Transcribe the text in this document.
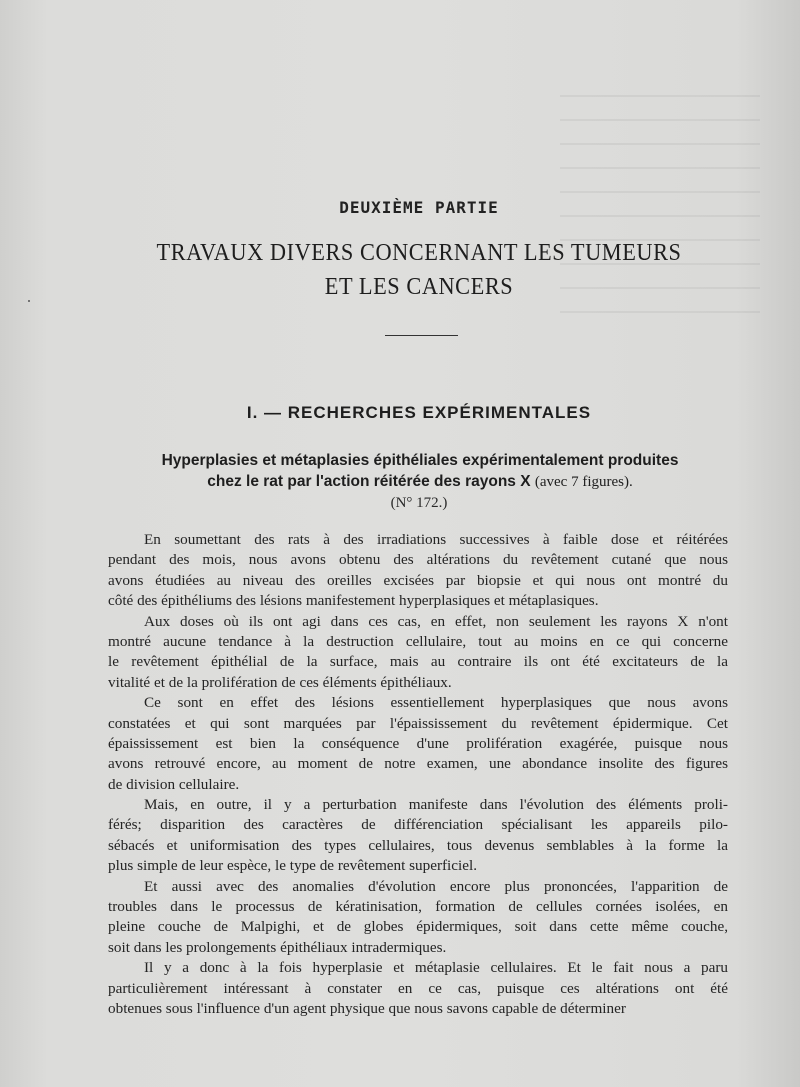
DEUXIÈME PARTIE
TRAVAUX DIVERS CONCERNANT LES TUMEURS
ET LES CANCERS
I. — RECHERCHES EXPÉRIMENTALES
Hyperplasies et métaplasies épithéliales expérimentalement produites
chez le rat par l'action réitérée des rayons X (avec 7 figures).
(N° 172.)

En soumettant des rats à des irradiations successives à faible dose et réitérées
pendant des mois, nous avons obtenu des altérations du revêtement cutané que nous
avons étudiées au niveau des oreilles excisées par biopsie et qui nous ont montré du
côté des épithéliums des lésions manifestement hyperplasiques et métaplasiques.

Aux doses où ils ont agi dans ces cas, en effet, non seulement les rayons X n'ont
montré aucune tendance à la destruction cellulaire, tout au moins en ce qui concerne
le revêtement épithélial de la surface, mais au contraire ils ont été excitateurs de la
vitalité et de la prolifération de ces éléments épithéliaux.

Ce sont en effet des lésions essentiellement hyperplasiques que nous avons
constatées et qui sont marquées par l'épaississement du revêtement épidermique. Cet
épaississement est bien la conséquence d'une prolifération exagérée, puisque nous
avons retrouvé encore, au moment de notre examen, une abondance insolite des figures
de division cellulaire.

Mais, en outre, il y a perturbation manifeste dans l'évolution des éléments proli-
férés; disparition des caractères de différenciation spécialisant les appareils pilo-
sébacés et uniformisation des types cellulaires, tous devenus semblables à la forme la
plus simple de leur espèce, le type de revêtement superficiel.

Et aussi avec des anomalies d'évolution encore plus prononcées, l'apparition de
troubles dans le processus de kératinisation, formation de cellules cornées isolées, en
pleine couche de Malpighi, et de globes épidermiques, soit dans cette même couche,
soit dans les prolongements épithéliaux intradermiques.

Il y a donc à la fois hyperplasie et métaplasie cellulaires. Et le fait nous a paru
particulièrement intéressant à constater en ce cas, puisque ces altérations ont été
obtenues sous l'influence d'un agent physique que nous savons capable de déterminer
